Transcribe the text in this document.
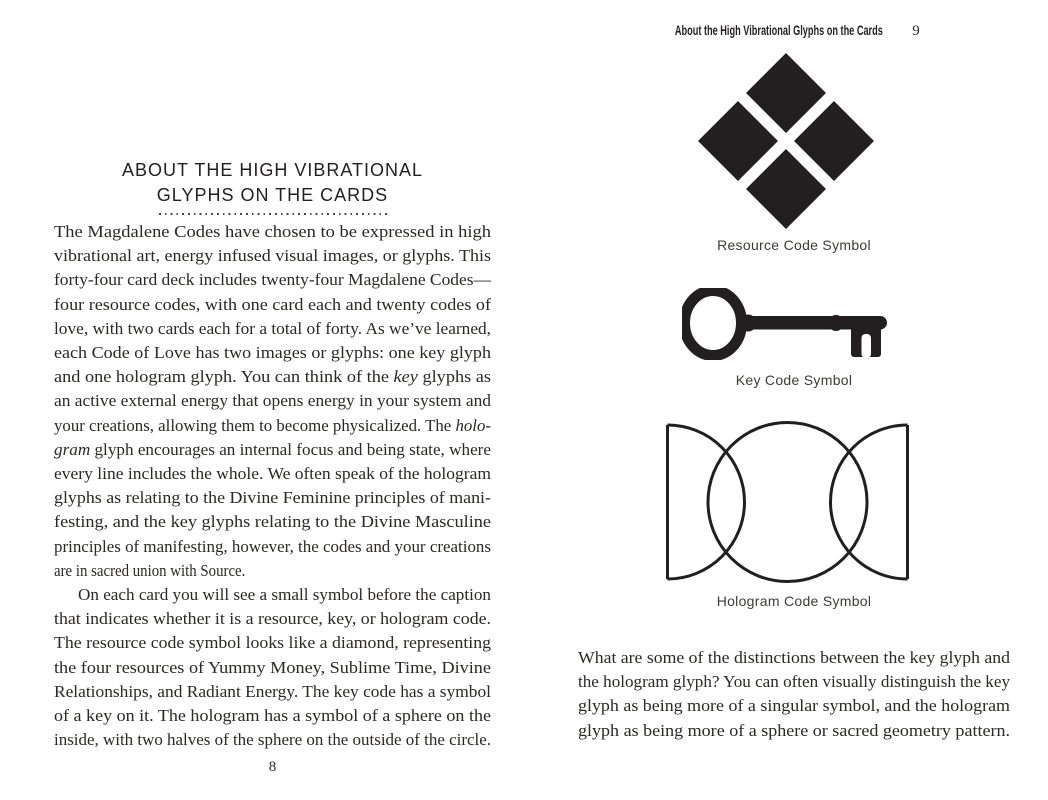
ABOUT THE HIGH VIBRATIONAL
GLYPHS ON THE CARDS
The Magdalene Codes have chosen to be expressed in high
vibrational art, energy infused visual images, or glyphs. This
forty-four card deck includes twenty-four Magdalene Codes—
four resource codes, with one card each and twenty codes of
love, with two cards each for a total of forty. As we’ve learned,
each Code of Love has two images or glyphs: one key glyph
and one hologram glyph. You can think of the key glyphs as
an active external energy that opens energy in your system and
your creations, allowing them to become physicalized. The holo-
gram glyph encourages an internal focus and being state, where
every line includes the whole. We often speak of the hologram
glyphs as relating to the Divine Feminine principles of mani-
festing, and the key glyphs relating to the Divine Masculine
principles of manifesting, however, the codes and your creations
are in sacred union with Source.
On each card you will see a small symbol before the caption
that indicates whether it is a resource, key, or hologram code.
The resource code symbol looks like a diamond, representing
the four resources of Yummy Money, Sublime Time, Divine
Relationships, and Radiant Energy. The key code has a symbol
of a key on it. The hologram has a symbol of a sphere on the
inside, with two halves of the sphere on the outside of the circle.
8
About the High Vibrational Glyphs on the Cards 9
Resource Code Symbol
Key Code Symbol
Hologram Code Symbol
What are some of the distinctions between the key glyph and
the hologram glyph? You can often visually distinguish the key
glyph as being more of a singular symbol, and the hologram
glyph as being more of a sphere or sacred geometry pattern.
